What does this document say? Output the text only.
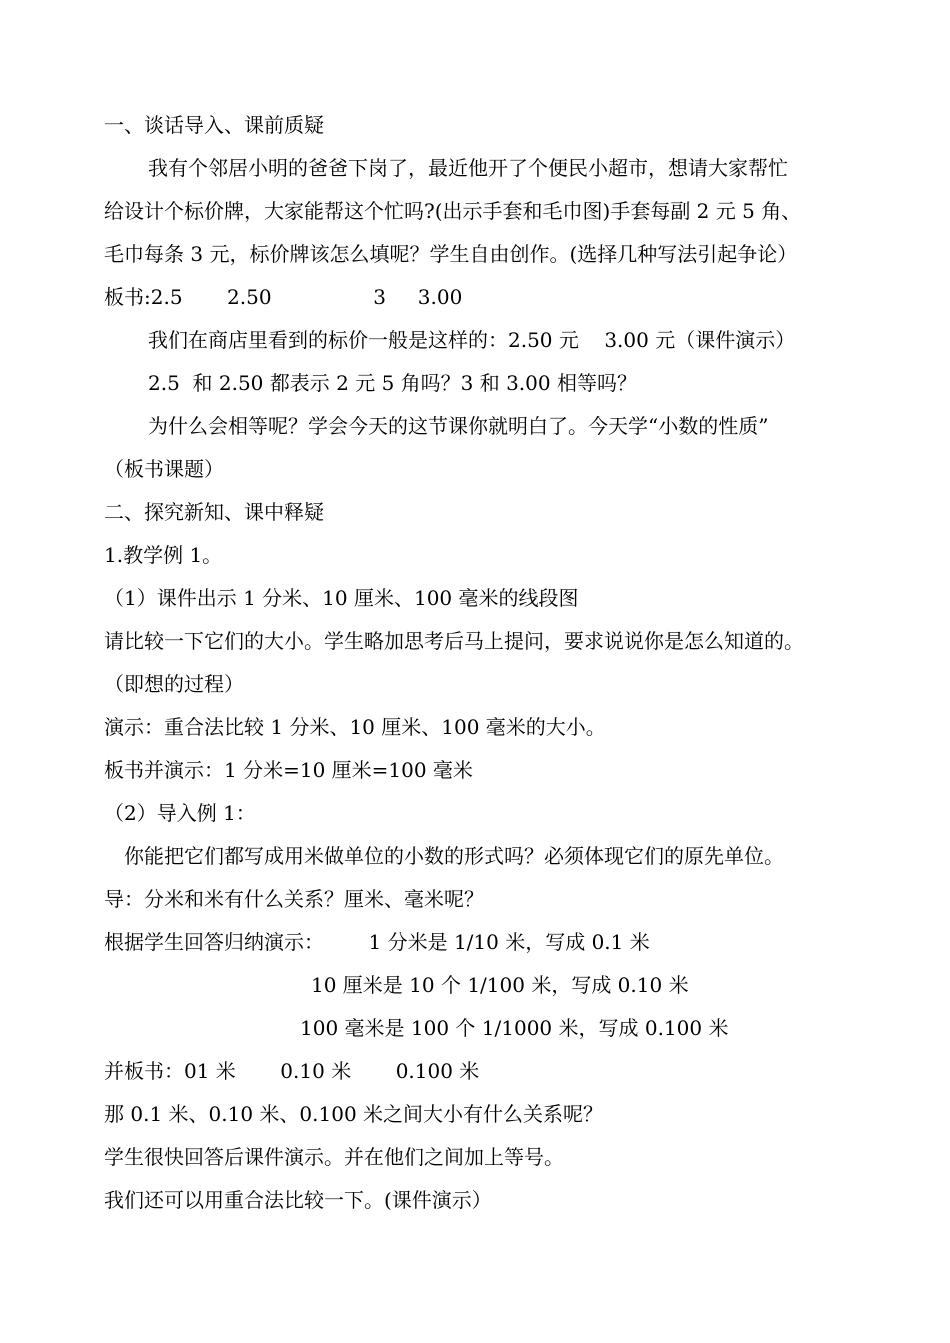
一、谈话导入、课前质疑
我有个邻居小明的爸爸下岗了，最近他开了个便民小超市，想请大家帮忙
给设计个标价牌，大家能帮这个忙吗?(出示手套和毛巾图)手套每副 2 元 5 角、
毛巾每条 3 元，标价牌该怎么填呢？学生自由创作。(选择几种写法引起争论）
板书:2.5       2.50                3     3.00
我们在商店里看到的标价一般是这样的：2.50 元    3.00 元（课件演示）
2.5  和 2.50 都表示 2 元 5 角吗？3 和 3.00 相等吗？
为什么会相等呢？学会今天的这节课你就明白了。今天学“小数的性质”
（板书课题）
二、探究新知、课中释疑
1.教学例 1。
（1）课件出示 1 分米、10 厘米、100 毫米的线段图
请比较一下它们的大小。学生略加思考后马上提问，要求说说你是怎么知道的。
（即想的过程）
演示：重合法比较 1 分米、10 厘米、100 毫米的大小。
板书并演示：1 分米=10 厘米=100 毫米
（2）导入例 1：
你能把它们都写成用米做单位的小数的形式吗？必须体现它们的原先单位。
导：分米和米有什么关系？厘米、毫米呢？
根据学生回答归纳演示：       1 分米是 1/10 米，写成 0.1 米
10 厘米是 10 个 1/100 米，写成 0.10 米
100 毫米是 100 个 1/1000 米，写成 0.100 米
并板书：01 米       0.10 米       0.100 米
那 0.1 米、0.10 米、0.100 米之间大小有什么关系呢？
学生很快回答后课件演示。并在他们之间加上等号。
我们还可以用重合法比较一下。(课件演示）
